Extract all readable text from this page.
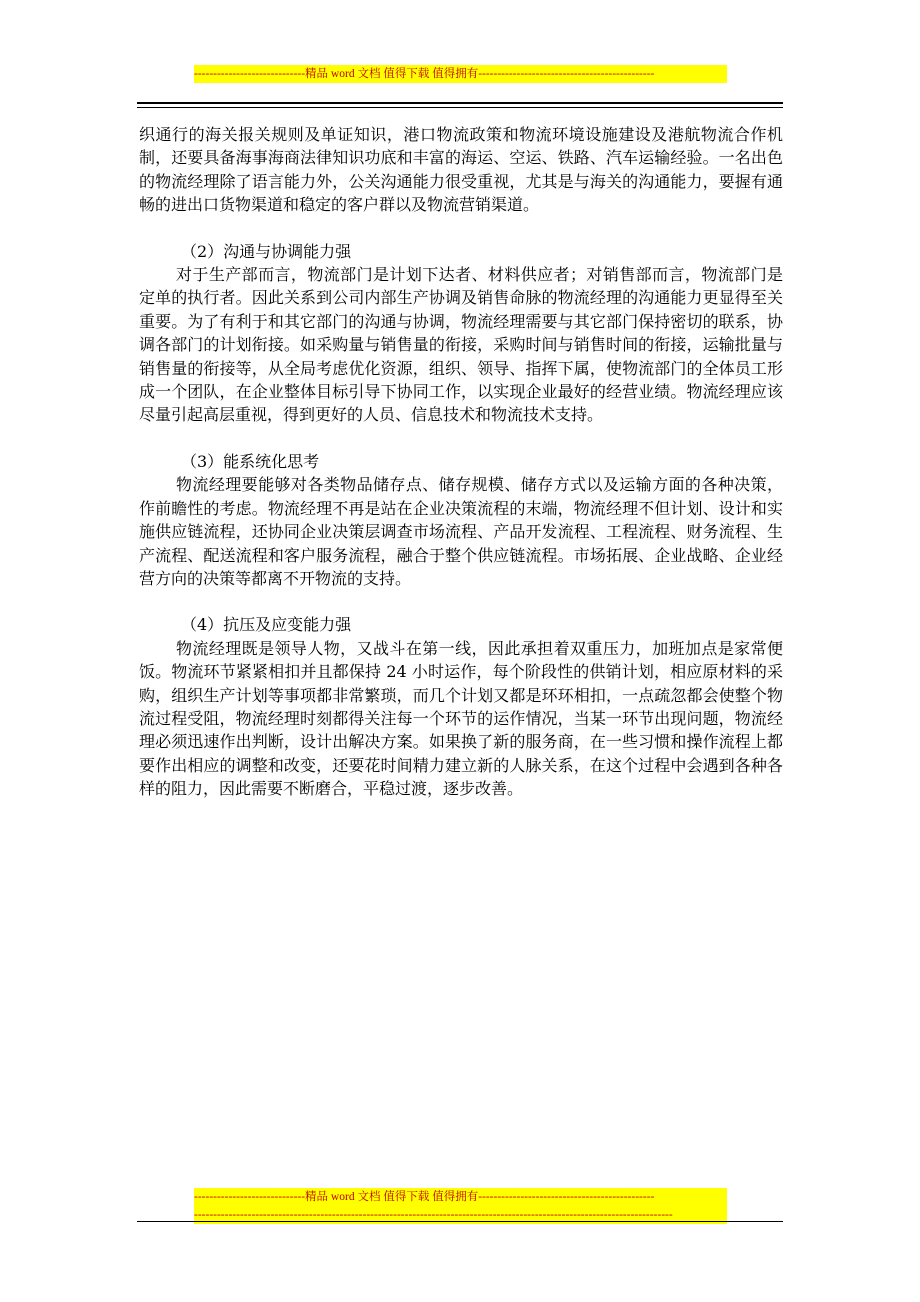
-----------------------------精品 word 文档 值得下载 值得拥有----------------------------------------------

织通行的海关报关规则及单证知识，港口物流政策和物流环境设施建设及港航物流合作机制，还要具备海事海商法律知识功底和丰富的海运、空运、铁路、汽车运输经验。一名出色的物流经理除了语言能力外，公关沟通能力很受重视，尤其是与海关的沟通能力，要握有通畅的进出口货物渠道和稳定的客户群以及物流营销渠道。

（2）沟通与协调能力强

对于生产部而言，物流部门是计划下达者、材料供应者；对销售部而言，物流部门是定单的执行者。因此关系到公司内部生产协调及销售命脉的物流经理的沟通能力更显得至关重要。为了有利于和其它部门的沟通与协调，物流经理需要与其它部门保持密切的联系，协调各部门的计划衔接。如采购量与销售量的衔接，采购时间与销售时间的衔接，运输批量与销售量的衔接等，从全局考虑优化资源，组织、领导、指挥下属，使物流部门的全体员工形成一个团队，在企业整体目标引导下协同工作，以实现企业最好的经营业绩。物流经理应该尽量引起高层重视，得到更好的人员、信息技术和物流技术支持。

（3）能系统化思考

物流经理要能够对各类物品储存点、储存规模、储存方式以及运输方面的各种决策，作前瞻性的考虑。物流经理不再是站在企业决策流程的末端，物流经理不但计划、设计和实施供应链流程，还协同企业决策层调查市场流程、产品开发流程、工程流程、财务流程、生产流程、配送流程和客户服务流程，融合于整个供应链流程。市场拓展、企业战略、企业经营方向的决策等都离不开物流的支持。

（4）抗压及应变能力强

物流经理既是领导人物，又战斗在第一线，因此承担着双重压力，加班加点是家常便饭。物流环节紧紧相扣并且都保持 24 小时运作，每个阶段性的供销计划，相应原材料的采购，组织生产计划等事项都非常繁琐，而几个计划又都是环环相扣，一点疏忽都会使整个物流过程受阻，物流经理时刻都得关注每一个环节的运作情况，当某一环节出现问题，物流经理必须迅速作出判断，设计出解决方案。如果换了新的服务商，在一些习惯和操作流程上都要作出相应的调整和改变，还要花时间精力建立新的人脉关系，在这个过程中会遇到各种各样的阻力，因此需要不断磨合，平稳过渡，逐步改善。

-----------------------------精品 word 文档 值得下载 值得拥有----------------------------------------------
-----------------------------------------------------------------------------------------------------------------------------
